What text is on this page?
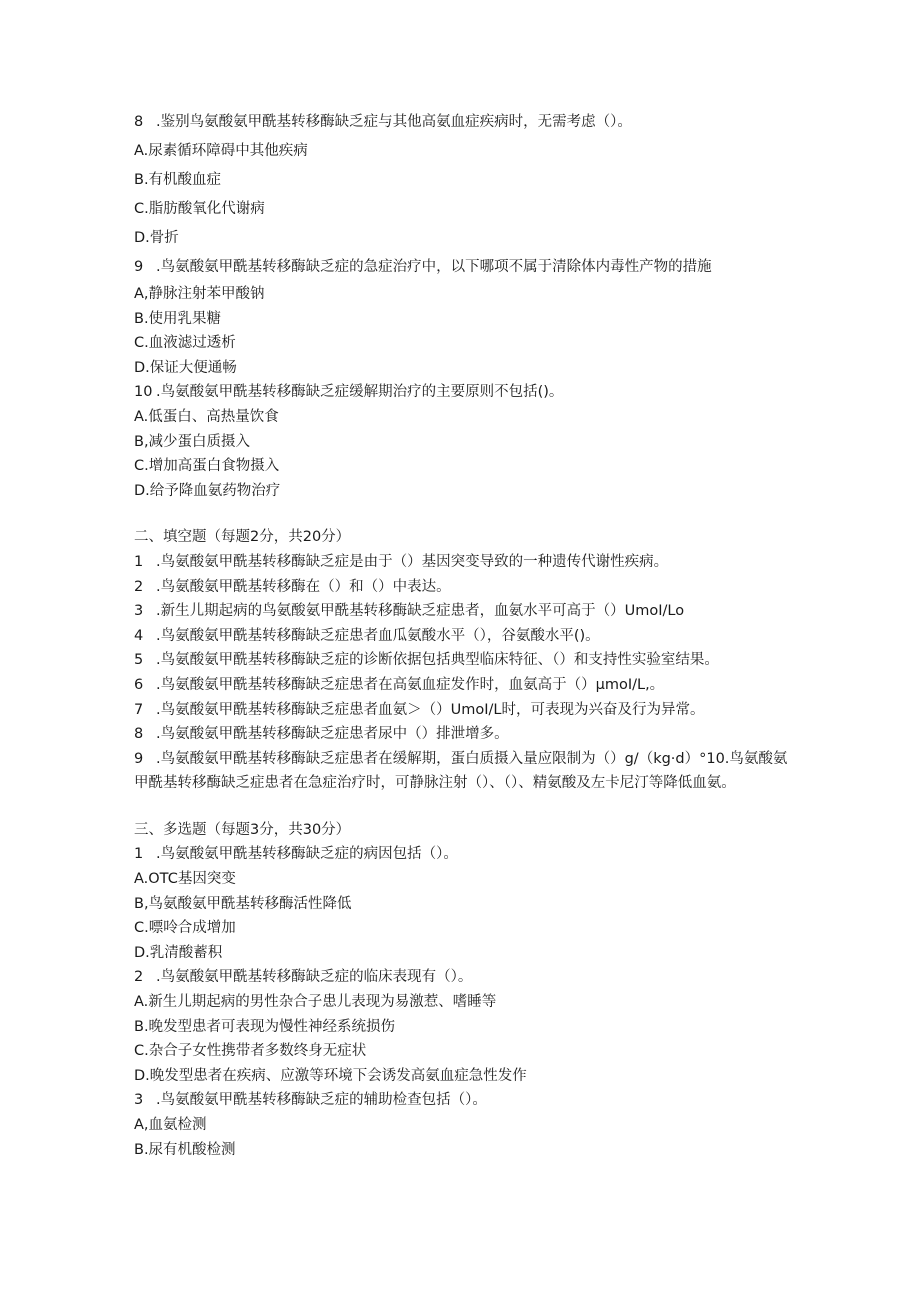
8 .鉴别鸟氨酸氨甲酰基转移酶缺乏症与其他高氨血症疾病时，无需考虑（）。
A.尿素循环障碍中其他疾病
B.有机酸血症
C.脂肪酸氧化代谢病
D.骨折
9 .鸟氨酸氨甲酰基转移酶缺乏症的急症治疗中，以下哪项不属于清除体内毒性产物的措施
A,静脉注射苯甲酸钠
B.使用乳果糖
C.血液滤过透析
D.保证大便通畅
10 .鸟氨酸氨甲酰基转移酶缺乏症缓解期治疗的主要原则不包括()。
A.低蛋白、高热量饮食
B,减少蛋白质摄入
C.增加高蛋白食物摄入
D.给予降血氨药物治疗
二、填空题（每题2分，共20分）
1 .鸟氨酸氨甲酰基转移酶缺乏症是由于（）基因突变导致的一种遗传代谢性疾病。
2 .鸟氨酸氨甲酰基转移酶在（）和（）中表达。
3 .新生儿期起病的鸟氨酸氨甲酰基转移酶缺乏症患者，血氨水平可高于（）UmoI/Lo
4 .鸟氨酸氨甲酰基转移酶缺乏症患者血瓜氨酸水平（），谷氨酸水平()。
5 .鸟氨酸氨甲酰基转移酶缺乏症的诊断依据包括典型临床特征、（）和支持性实验室结果。
6 .鸟氨酸氨甲酰基转移酶缺乏症患者在高氨血症发作时，血氨高于（）μmoI/L,。
7 .鸟氨酸氨甲酰基转移酶缺乏症患者血氨＞（）UmoI/L时，可表现为兴奋及行为异常。
8 .鸟氨酸氨甲酰基转移酶缺乏症患者尿中（）排泄增多。
9 .鸟氨酸氨甲酰基转移酶缺乏症患者在缓解期，蛋白质摄入量应限制为（）g/（kg·d）°10.鸟氨酸氨甲酰基转移酶缺乏症患者在急症治疗时，可静脉注射（）、（）、精氨酸及左卡尼汀等降低血氨。
三、多选题（每题3分，共30分）
1 .鸟氨酸氨甲酰基转移酶缺乏症的病因包括（）。
A.OTC基因突变
B,鸟氨酸氨甲酰基转移酶活性降低
C.嘌呤合成增加
D.乳清酸蓄积
2 .鸟氨酸氨甲酰基转移酶缺乏症的临床表现有（）。
A.新生儿期起病的男性杂合子患儿表现为易激惹、嗜睡等
B.晚发型患者可表现为慢性神经系统损伤
C.杂合子女性携带者多数终身无症状
D.晚发型患者在疾病、应激等环境下会诱发高氨血症急性发作
3 .鸟氨酸氨甲酰基转移酶缺乏症的辅助检查包括（）。
A,血氨检测
B.尿有机酸检测
